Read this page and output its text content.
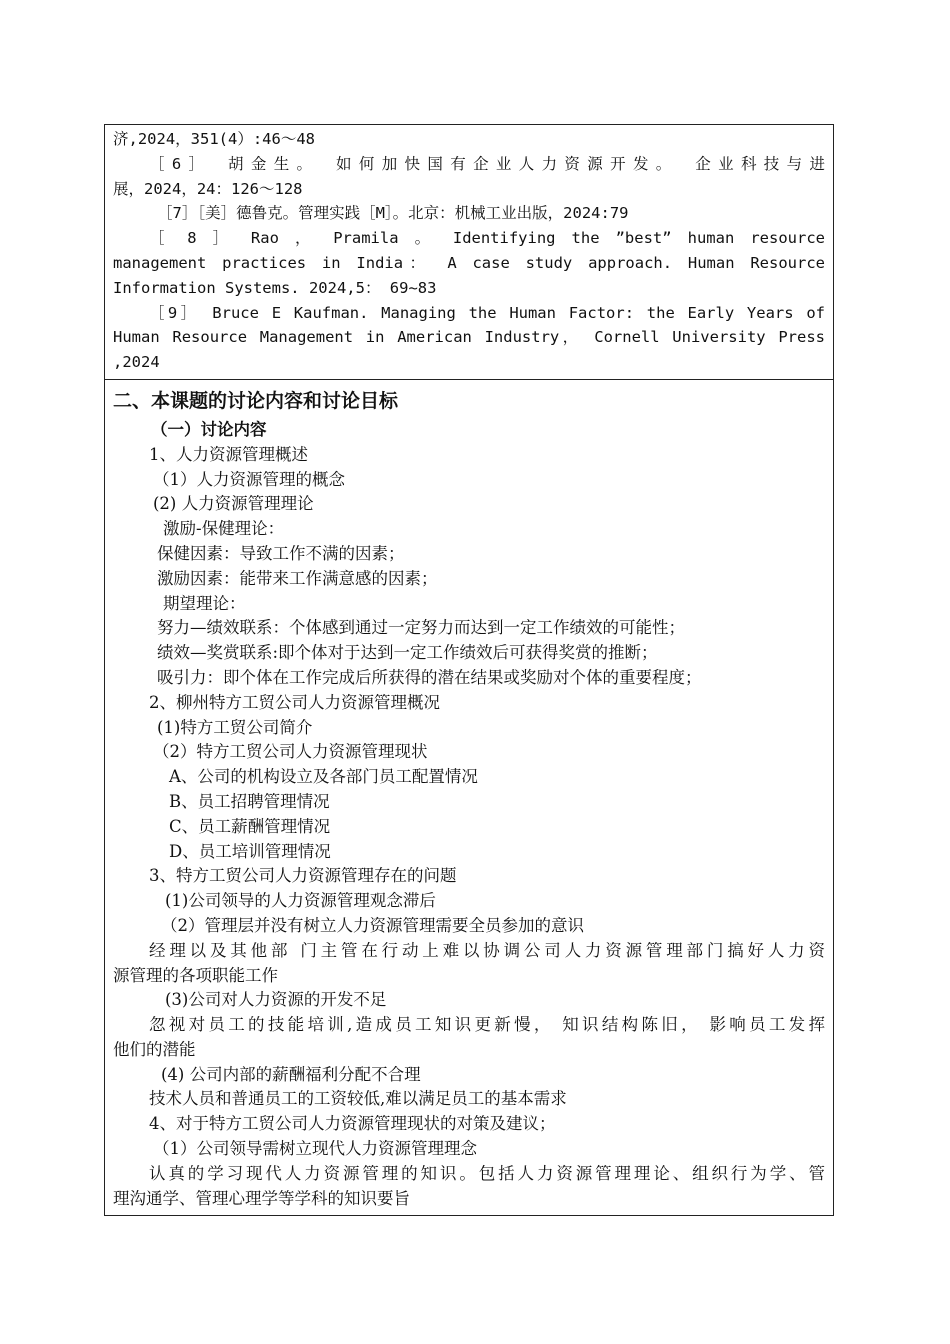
济,2024，351(4）:46～48
［6］ 胡金生。 如何加快国有企业人力资源开发。 企业科技与进
展，2024，24：126～128
［7］［美］德鲁克。管理实践［M］。北京：机械工业出版，2024:79
［ 8 ］ Rao ， Pramila 。 Identifying the ”best” human resource
management practices in India： A case study approach. Human Resource
Information Systems. 2024,5： 69~83
［9］ Bruce E Kaufman. Managing the Human Factor: the Early Years of
Human Resource Management in American Industry， Cornell University Press
,2024
二、本课题的讨论内容和讨论目标
（一）讨论内容
1、人力资源管理概述
（1）人力资源管理的概念
(2) 人力资源管理理论
激励-保健理论：
保健因素：导致工作不满的因素；
激励因素：能带来工作满意感的因素；
期望理论：
努力—绩效联系：个体感到通过一定努力而达到一定工作绩效的可能性；
绩效—奖赏联系:即个体对于达到一定工作绩效后可获得奖赏的推断；
吸引力：即个体在工作完成后所获得的潜在结果或奖励对个体的重要程度；
2、柳州特方工贸公司人力资源管理概况
(1)特方工贸公司简介
（2）特方工贸公司人力资源管理现状
A、公司的机构设立及各部门员工配置情况
B、员工招聘管理情况
C、员工薪酬管理情况
D、员工培训管理情况
3、特方工贸公司人力资源管理存在的问题
(1)公司领导的人力资源管理观念滞后
（2）管理层并没有树立人力资源管理需要全员参加的意识
经理以及其他部 门主管在行动上难以协调公司人力资源管理部门搞好人力资
源管理的各项职能工作
(3)公司对人力资源的开发不足
忽视对员工的技能培训,造成员工知识更新慢， 知识结构陈旧， 影响员工发挥
他们的潜能
(4) 公司内部的薪酬福利分配不合理
技术人员和普通员工的工资较低,难以满足员工的基本需求
4、对于特方工贸公司人力资源管理现状的对策及建议；
（1）公司领导需树立现代人力资源管理理念
认真的学习现代人力资源管理的知识。包括人力资源管理理论、组织行为学、管
理沟通学、管理心理学等学科的知识要旨
